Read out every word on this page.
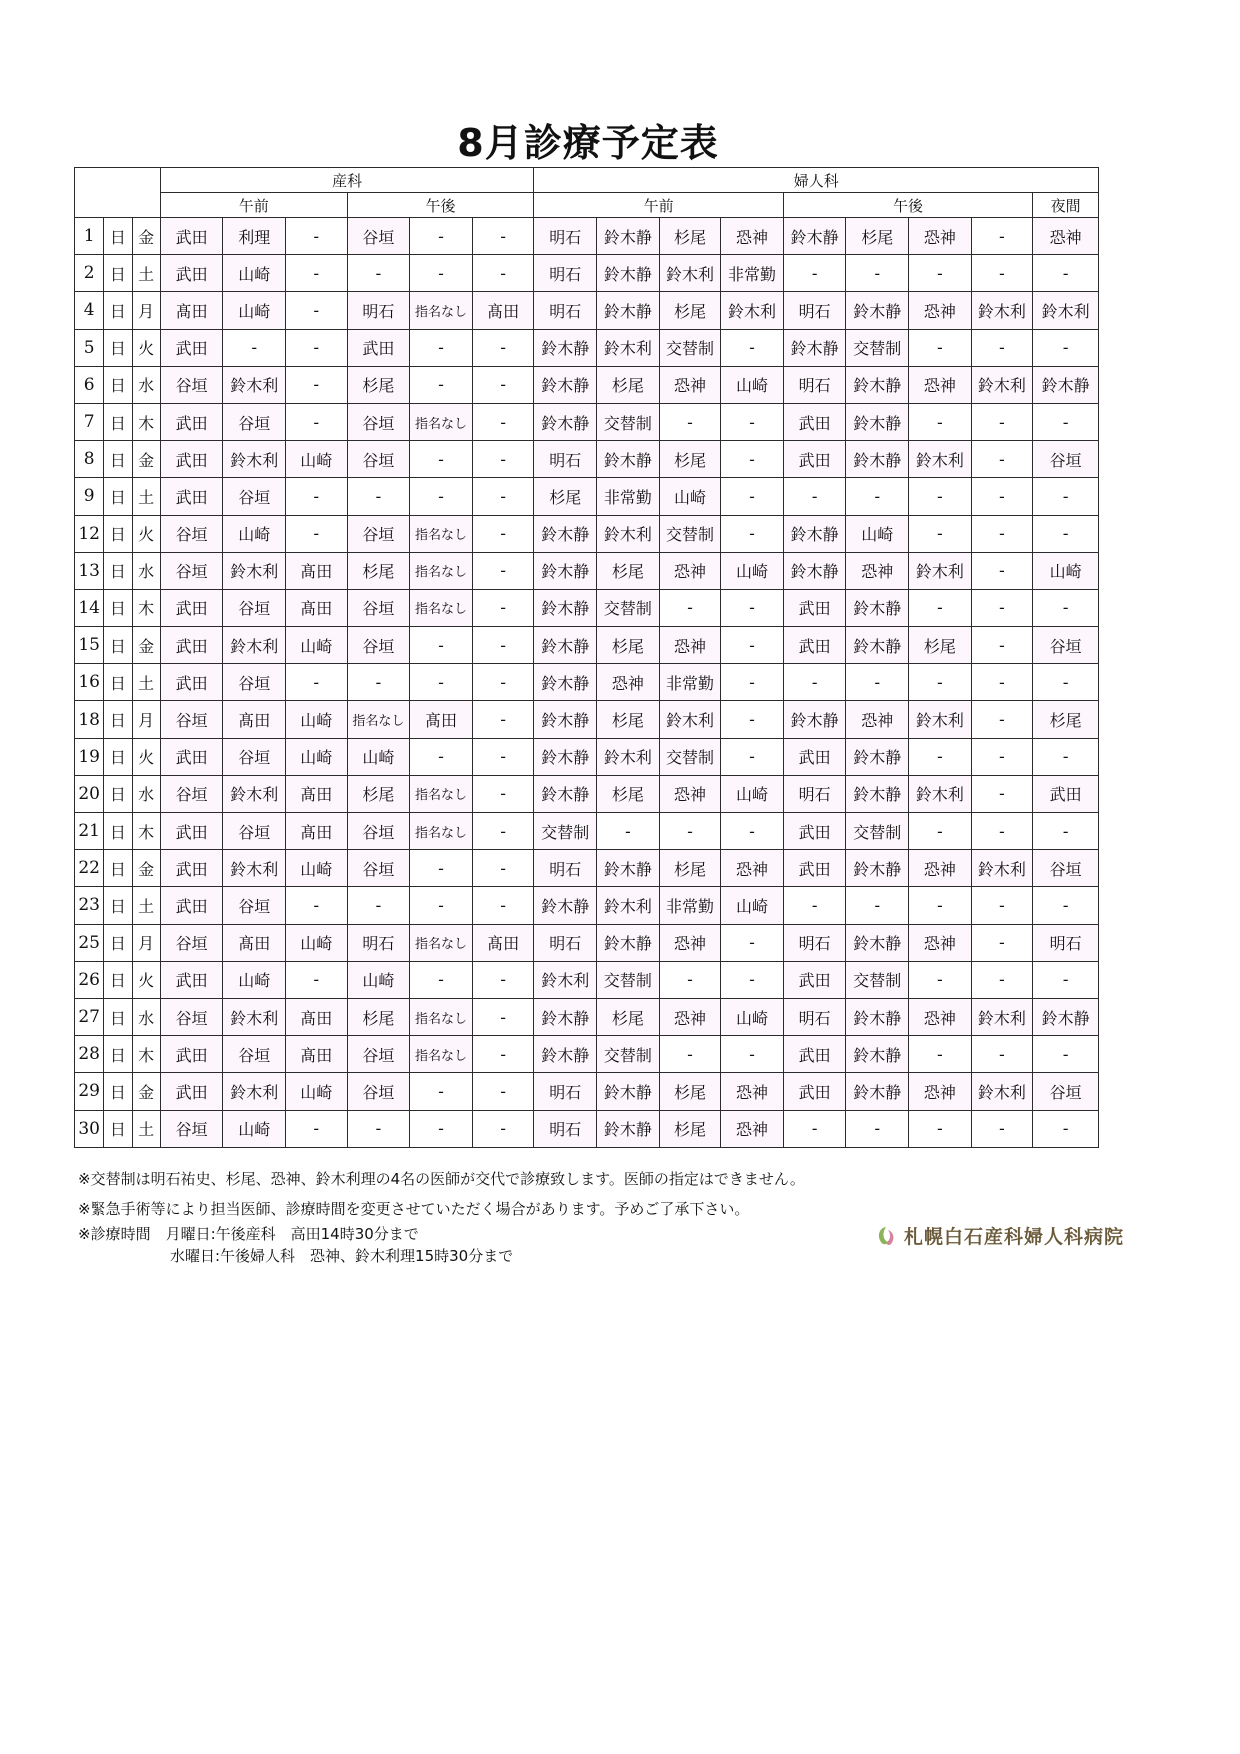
8月診療予定表
			産科						婦人科								
			午前			午後			午前				午後				夜間
1	日	金	武田	利理	-	谷垣	-	-	明石	鈴木静	杉尾	恐神	鈴木静	杉尾	恐神	-	恐神
2	日	土	武田	山崎	-	-	-	-	明石	鈴木静	鈴木利	非常勤	-	-	-	-	-
4	日	月	髙田	山崎	-	明石	指名なし	髙田	明石	鈴木静	杉尾	鈴木利	明石	鈴木静	恐神	鈴木利	鈴木利
5	日	火	武田	-	-	武田	-	-	鈴木静	鈴木利	交替制	-	鈴木静	交替制	-	-	-
6	日	水	谷垣	鈴木利	-	杉尾	-	-	鈴木静	杉尾	恐神	山崎	明石	鈴木静	恐神	鈴木利	鈴木静
7	日	木	武田	谷垣	-	谷垣	指名なし	-	鈴木静	交替制	-	-	武田	鈴木静	-	-	-
8	日	金	武田	鈴木利	山崎	谷垣	-	-	明石	鈴木静	杉尾	-	武田	鈴木静	鈴木利	-	谷垣
9	日	土	武田	谷垣	-	-	-	-	杉尾	非常勤	山崎	-	-	-	-	-	-
12	日	火	谷垣	山崎	-	谷垣	指名なし	-	鈴木静	鈴木利	交替制	-	鈴木静	山崎	-	-	-
13	日	水	谷垣	鈴木利	髙田	杉尾	指名なし	-	鈴木静	杉尾	恐神	山崎	鈴木静	恐神	鈴木利	-	山崎
14	日	木	武田	谷垣	髙田	谷垣	指名なし	-	鈴木静	交替制	-	-	武田	鈴木静	-	-	-
15	日	金	武田	鈴木利	山崎	谷垣	-	-	鈴木静	杉尾	恐神	-	武田	鈴木静	杉尾	-	谷垣
16	日	土	武田	谷垣	-	-	-	-	鈴木静	恐神	非常勤	-	-	-	-	-	-
18	日	月	谷垣	髙田	山崎	指名なし	髙田	-	鈴木静	杉尾	鈴木利	-	鈴木静	恐神	鈴木利	-	杉尾
19	日	火	武田	谷垣	山崎	山崎	-	-	鈴木静	鈴木利	交替制	-	武田	鈴木静	-	-	-
20	日	水	谷垣	鈴木利	髙田	杉尾	指名なし	-	鈴木静	杉尾	恐神	山崎	明石	鈴木静	鈴木利	-	武田
21	日	木	武田	谷垣	髙田	谷垣	指名なし	-	交替制	-	-	-	武田	交替制	-	-	-
22	日	金	武田	鈴木利	山崎	谷垣	-	-	明石	鈴木静	杉尾	恐神	武田	鈴木静	恐神	鈴木利	谷垣
23	日	土	武田	谷垣	-	-	-	-	鈴木静	鈴木利	非常勤	山崎	-	-	-	-	-
25	日	月	谷垣	髙田	山崎	明石	指名なし	髙田	明石	鈴木静	恐神	-	明石	鈴木静	恐神	-	明石
26	日	火	武田	山崎	-	山崎	-	-	鈴木利	交替制	-	-	武田	交替制	-	-	-
27	日	水	谷垣	鈴木利	髙田	杉尾	指名なし	-	鈴木静	杉尾	恐神	山崎	明石	鈴木静	恐神	鈴木利	鈴木静
28	日	木	武田	谷垣	髙田	谷垣	指名なし	-	鈴木静	交替制	-	-	武田	鈴木静	-	-	-
29	日	金	武田	鈴木利	山崎	谷垣	-	-	明石	鈴木静	杉尾	恐神	武田	鈴木静	恐神	鈴木利	谷垣
30	日	土	谷垣	山崎	-	-	-	-	明石	鈴木静	杉尾	恐神	-	-	-	-	-
※交替制は明石祐史、杉尾、恐神、鈴木利理の4名の医師が交代で診療致します。医師の指定はできません。
※緊急手術等により担当医師、診療時間を変更させていただく場合があります。予めご了承下さい。
※診療時間　月曜日:午後産科　高田14時30分まで
水曜日:午後婦人科　恐神、鈴木利理15時30分まで
札幌白石産科婦人科病院
